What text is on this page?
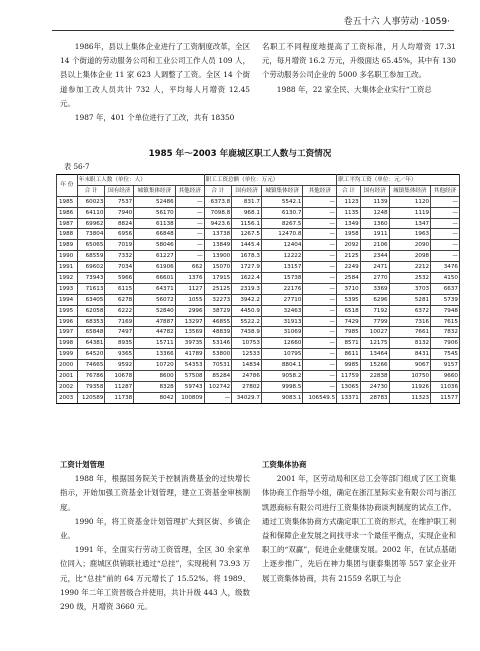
卷五十六 人事劳动 ·1059·

1986年，县以上集体企业进行了工资制度改革，全区 14 个街道的劳动服务公司和工业公司工作人员 109 人，县以上集体企业 11 家 623 人调整了工资。全区 14 个街道参加工改人员共计 732 人，平均每人月增资 12.45 元。

1987 年，401 个单位进行了工改，共有 18350

名职工不同程度地提高了工资标准，月人均增资 17.31 元，每月增资 16.2 万元，升级面达 65.45%，其中有 130 个劳动服务公司企业的 5000 多名职工参加工改。

1988 年，22 家全民、大集体企业实行“工资总

1985 年～2003 年鹿城区职工人数与工资情况
表 56-7
年 份	年末职工人数（单位：人）				职工工资总额（单位：万元）				职工平均工资（单位：元／年）			
	合 计	国有经济	城镇集体经济	其他经济	合 计	国有经济	城镇集体经济	其他经济	合 计	国有经济	城镇集体经济	其他经济

1985	60023	7537	52486	—	6373.8	831.7	5542.1	—	1123	1139	1120	—
1986	64110	7940	56170	—	7098.8	968.1	6130.7	—	1135	1248	1119	—
1987	69962	8824	61138	—	9423.6	1156.1	8267.5	—	1349	1360	1347	—
1988	73804	6956	66848	—	13738	1267.5	12470.8	—	1958	1911	1963	—
1989	65065	7019	58046	—	13849	1445.4	12404	—	2092	2106	2090	—
1990	68559	7332	61227	—	13900	1678.3	12222	—	2125	2344	2098	—
1991	69602	7034	61906	662	15070	1727.9	13157	—	2249	2471	2212	3476
1992	73943	5966	66601	1376	17915	1622.4	15738	—	2584	2770	2532	4150
1993	71613	6115	64371	1127	25125	2319.3	22176	—	3710	3369	3703	6637
1994	63405	6278	56072	1055	32273	3942.2	27710	—	5395	6296	5281	5739
1995	62058	6222	52840	2996	38729	4450.9	32463	—	6518	7192	6372	7948
1996	68353	7169	47887	13297	46855	5522.2	31913	—	7429	7799	7316	7615
1997	65848	7497	44782	13569	48839	7438.9	31069	—	7985	10027	7661	7832
1998	64381	8935	15711	39735	53146	10753	12660	—	8571	12175	8132	7906
1999	64520	9365	13366	41789	53800	12533	10795	—	8611	13464	8431	7545
2000	74665	9592	10720	54353	70531	14834	8804.1	—	9985	15266	9067	9157
2001	76786	10678	8600	57508	85284	24786	9058.2	—	11759	22838	10750	9660
2002	79358	11287	8328	59743	102742	27802	9998.5	—	13065	24730	11926	11036
2003	120589	11738	8042	100809	—	34029.7	9083.1	106549.5	13371	28783	11323	11577

工资计划管理

1988 年，根据国务院关于控制消费基金的过快增长指示，开始加强工资基金计划管理，建立工资基金审核制度。

1990 年，将工资基金计划管理扩大到区街、乡镇企业。

1991 年，全面实行劳动工资管理，全区 30 余家单位同入；鹿城区供销联社通过“总挂”，实现税利 73.93 万元，比“总挂”前的 64 万元增长了 15.52%。将 1989、1990 年二年工资晋级合并使用，共计升级 443 人，级数 290 级，月增资 3660 元。

工资集体协商

2001 年，区劳动局和区总工会等部门组成了区工资集体协商工作指导小组，确定在浙江星际实业有限公司与浙江凯恩商标有限公司进行工资集体协商谈判制度的试点工作。通过工资集体协商方式确定职工工资的形式，在维护职工利益和保障企业发展之间找寻求一个最佳平衡点，实现企业和职工的“双赢”，促进企业健康发展。2002 年，在试点基础上逐步推广，先后在神力集团与康泰集团等 557 家企业开展工资集体协商，共有 21559 名职工与企
